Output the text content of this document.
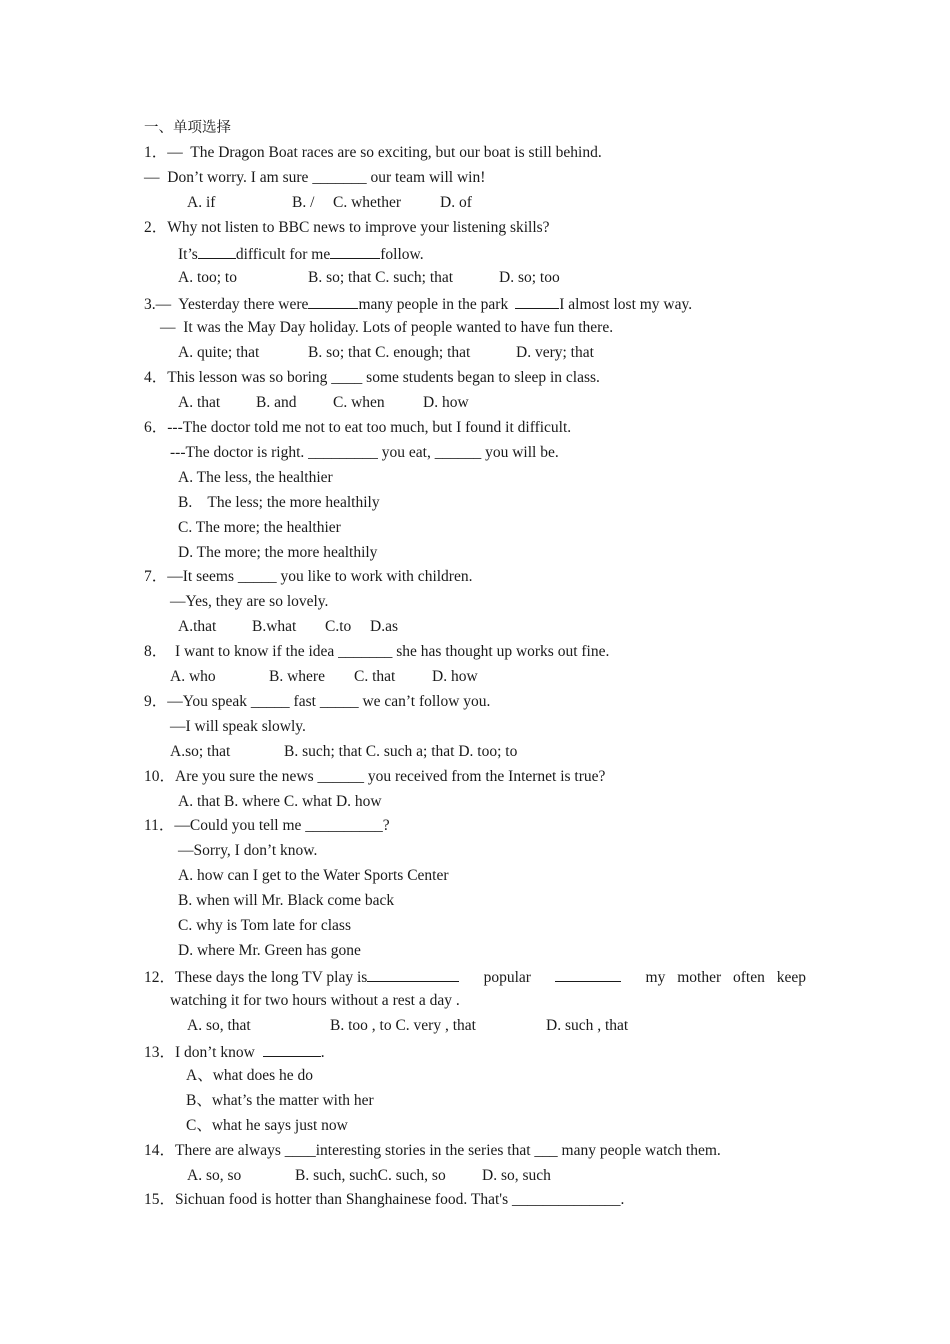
一、单项选择
1．—  The Dragon Boat races are so exciting, but our boat is still behind.
—  Don’t worry. I am sure _______ our team will win!
A. if	B. / C. whether	D. of
2．Why not listen to BBC news to improve your listening skills?
It’s difficult for me	follow.
A. too; to	B. so; that C. such; that	D. so; too
3.—  Yesterday there were	many people in the park	I almost lost my way.
—  It was the May Day holiday. Lots of people wanted to have fun there.
A. quite; that	B. so; that C. enough; that	D. very; that
4．This lesson was so boring ____ some students began to sleep in class.
A. that B. and C. when D. how
6．---The doctor told me not to eat too much, but I found it difficult.
---The doctor is right. _________ you eat, ______ you will be.
A. The less, the healthier
B.    The less; the more healthily
C. The more; the healthier
D. The more; the more healthily
7．—It seems _____ you like to work with children.
—Yes, they are so lovely.
A.that B.what C.to D.as
8．  I want to know if the idea _______ she has thought up works out fine.
A. who	B. where C. that D. how
9．—You speak _____ fast _____ we can’t follow you.
—I will speak slowly.
A.so; that	B. such; that C. such a; that D. too; to
10．Are you sure the news ______ you received from the Internet is true?
A. that B. where C. what D. how
11．—Could you tell me __________?
—Sorry, I don’t know.
A. how can I get to the Water Sports Center
B. when will Mr. Black come back
C. why is Tom late for class
D. where Mr. Green has gone
12．These days the long TV play is	popular	my mother often keep
watching it for two hours without a rest a day .
A. so, that	B. too , to C. very , that	D. such , that
13．I don’t know	.
A、what does he do
B、what’s the matter with her
C、what he says just now
14．There are always ____interesting stories in the series that ___ many people watch them.
A. so, so	B. such, suchC. such, so D. so, such
15．Sichuan food is hotter than Shanghainese food. That's ______________.
